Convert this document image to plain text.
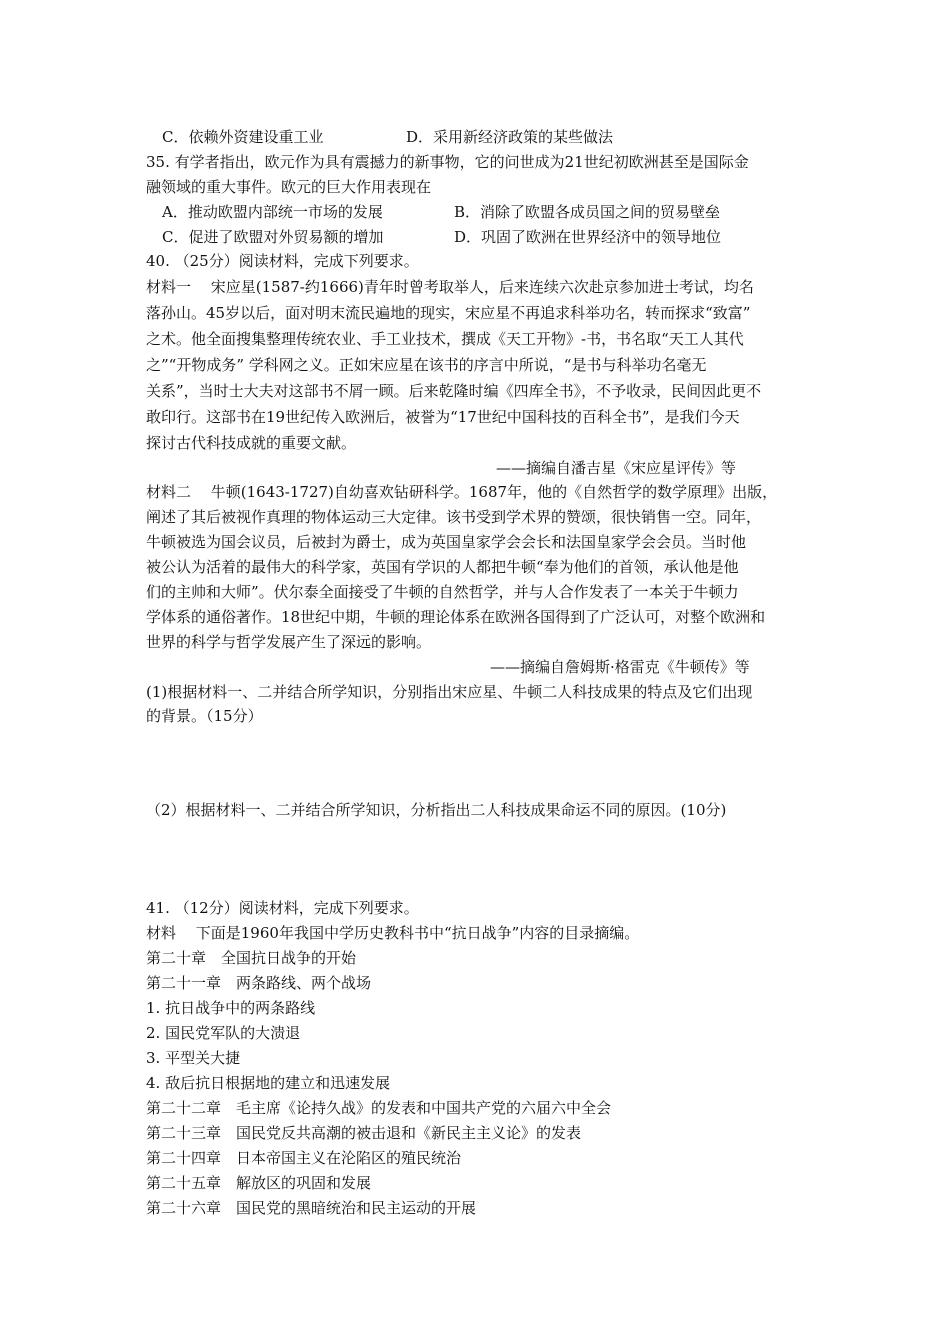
C．依赖外资建设重工业	D．采用新经济政策的某些做法
35. 有学者指出，欧元作为具有震撼力的新事物，它的问世成为21世纪初欧洲甚至是国际金
融领域的重大事件。欧元的巨大作用表现在
A．推动欧盟内部统一市场的发展	B．消除了欧盟各成员国之间的贸易壁垒
C．促进了欧盟对外贸易额的增加	D．巩固了欧洲在世界经济中的领导地位
40. （25分）阅读材料，完成下列要求。
材料一　 宋应星(1587-约1666)青年时曾考取举人，后来连续六次赴京参加进士考试，均名
落孙山。45岁以后，面对明末流民遍地的现实，宋应星不再追求科举功名，转而探求“致富”
之术。他全面搜集整理传统农业、手工业技术，撰成《天工开物》-书，书名取“天工人其代
之”“开物成务” 学科网之义。正如宋应星在该书的序言中所说，“是书与科举功名毫无
关系”，当时士大夫对这部书不屑一顾。后来乾隆时编《四库全书》，不予收录，民间因此更不
敢印行。这部书在19世纪传入欧洲后，被誉为“17世纪中国科技的百科全书”，是我们今天
探讨古代科技成就的重要文献。
——摘编自潘吉星《宋应星评传》等
材料二　 牛顿(1643-1727)自幼喜欢钻研科学。1687年，他的《自然哲学的数学原理》出版，
阐述了其后被视作真理的物体运动三大定律。该书受到学术界的赞颂，很快销售一空。同年，
牛顿被选为国会议员，后被封为爵士，成为英国皇家学会会长和法国皇家学会会员。当时他
被公认为活着的最伟大的科学家，英国有学识的人都把牛顿“奉为他们的首领，承认他是他
们的主帅和大师”。伏尔泰全面接受了牛顿的自然哲学，并与人合作发表了一本关于牛顿力
学体系的通俗著作。18世纪中期，牛顿的理论体系在欧洲各国得到了广泛认可，对整个欧洲和
世界的科学与哲学发展产生了深远的影响。
——摘编自詹姆斯·格雷克《牛顿传》等
(1)根据材料一、二并结合所学知识，分别指出宋应星、牛顿二人科技成果的特点及它们出现
的背景。（15分）
（2）根据材料一、二并结合所学知识，分析指出二人科技成果命运不同的原因。(10分)
41. （12分）阅读材料，完成下列要求。
材料　 下面是1960年我国中学历史教科书中“抗日战争”内容的目录摘编。
第二十章　全国抗日战争的开始
第二十一章　两条路线、两个战场
1. 抗日战争中的两条路线
2. 国民党军队的大溃退
3. 平型关大捷
4. 敌后抗日根据地的建立和迅速发展
第二十二章　毛主席《论持久战》的发表和中国共产党的六届六中全会
第二十三章　国民党反共高潮的被击退和《新民主主义论》的发表
第二十四章　日本帝国主义在沦陷区的殖民统治
第二十五章　解放区的巩固和发展
第二十六章　国民党的黑暗统治和民主运动的开展
